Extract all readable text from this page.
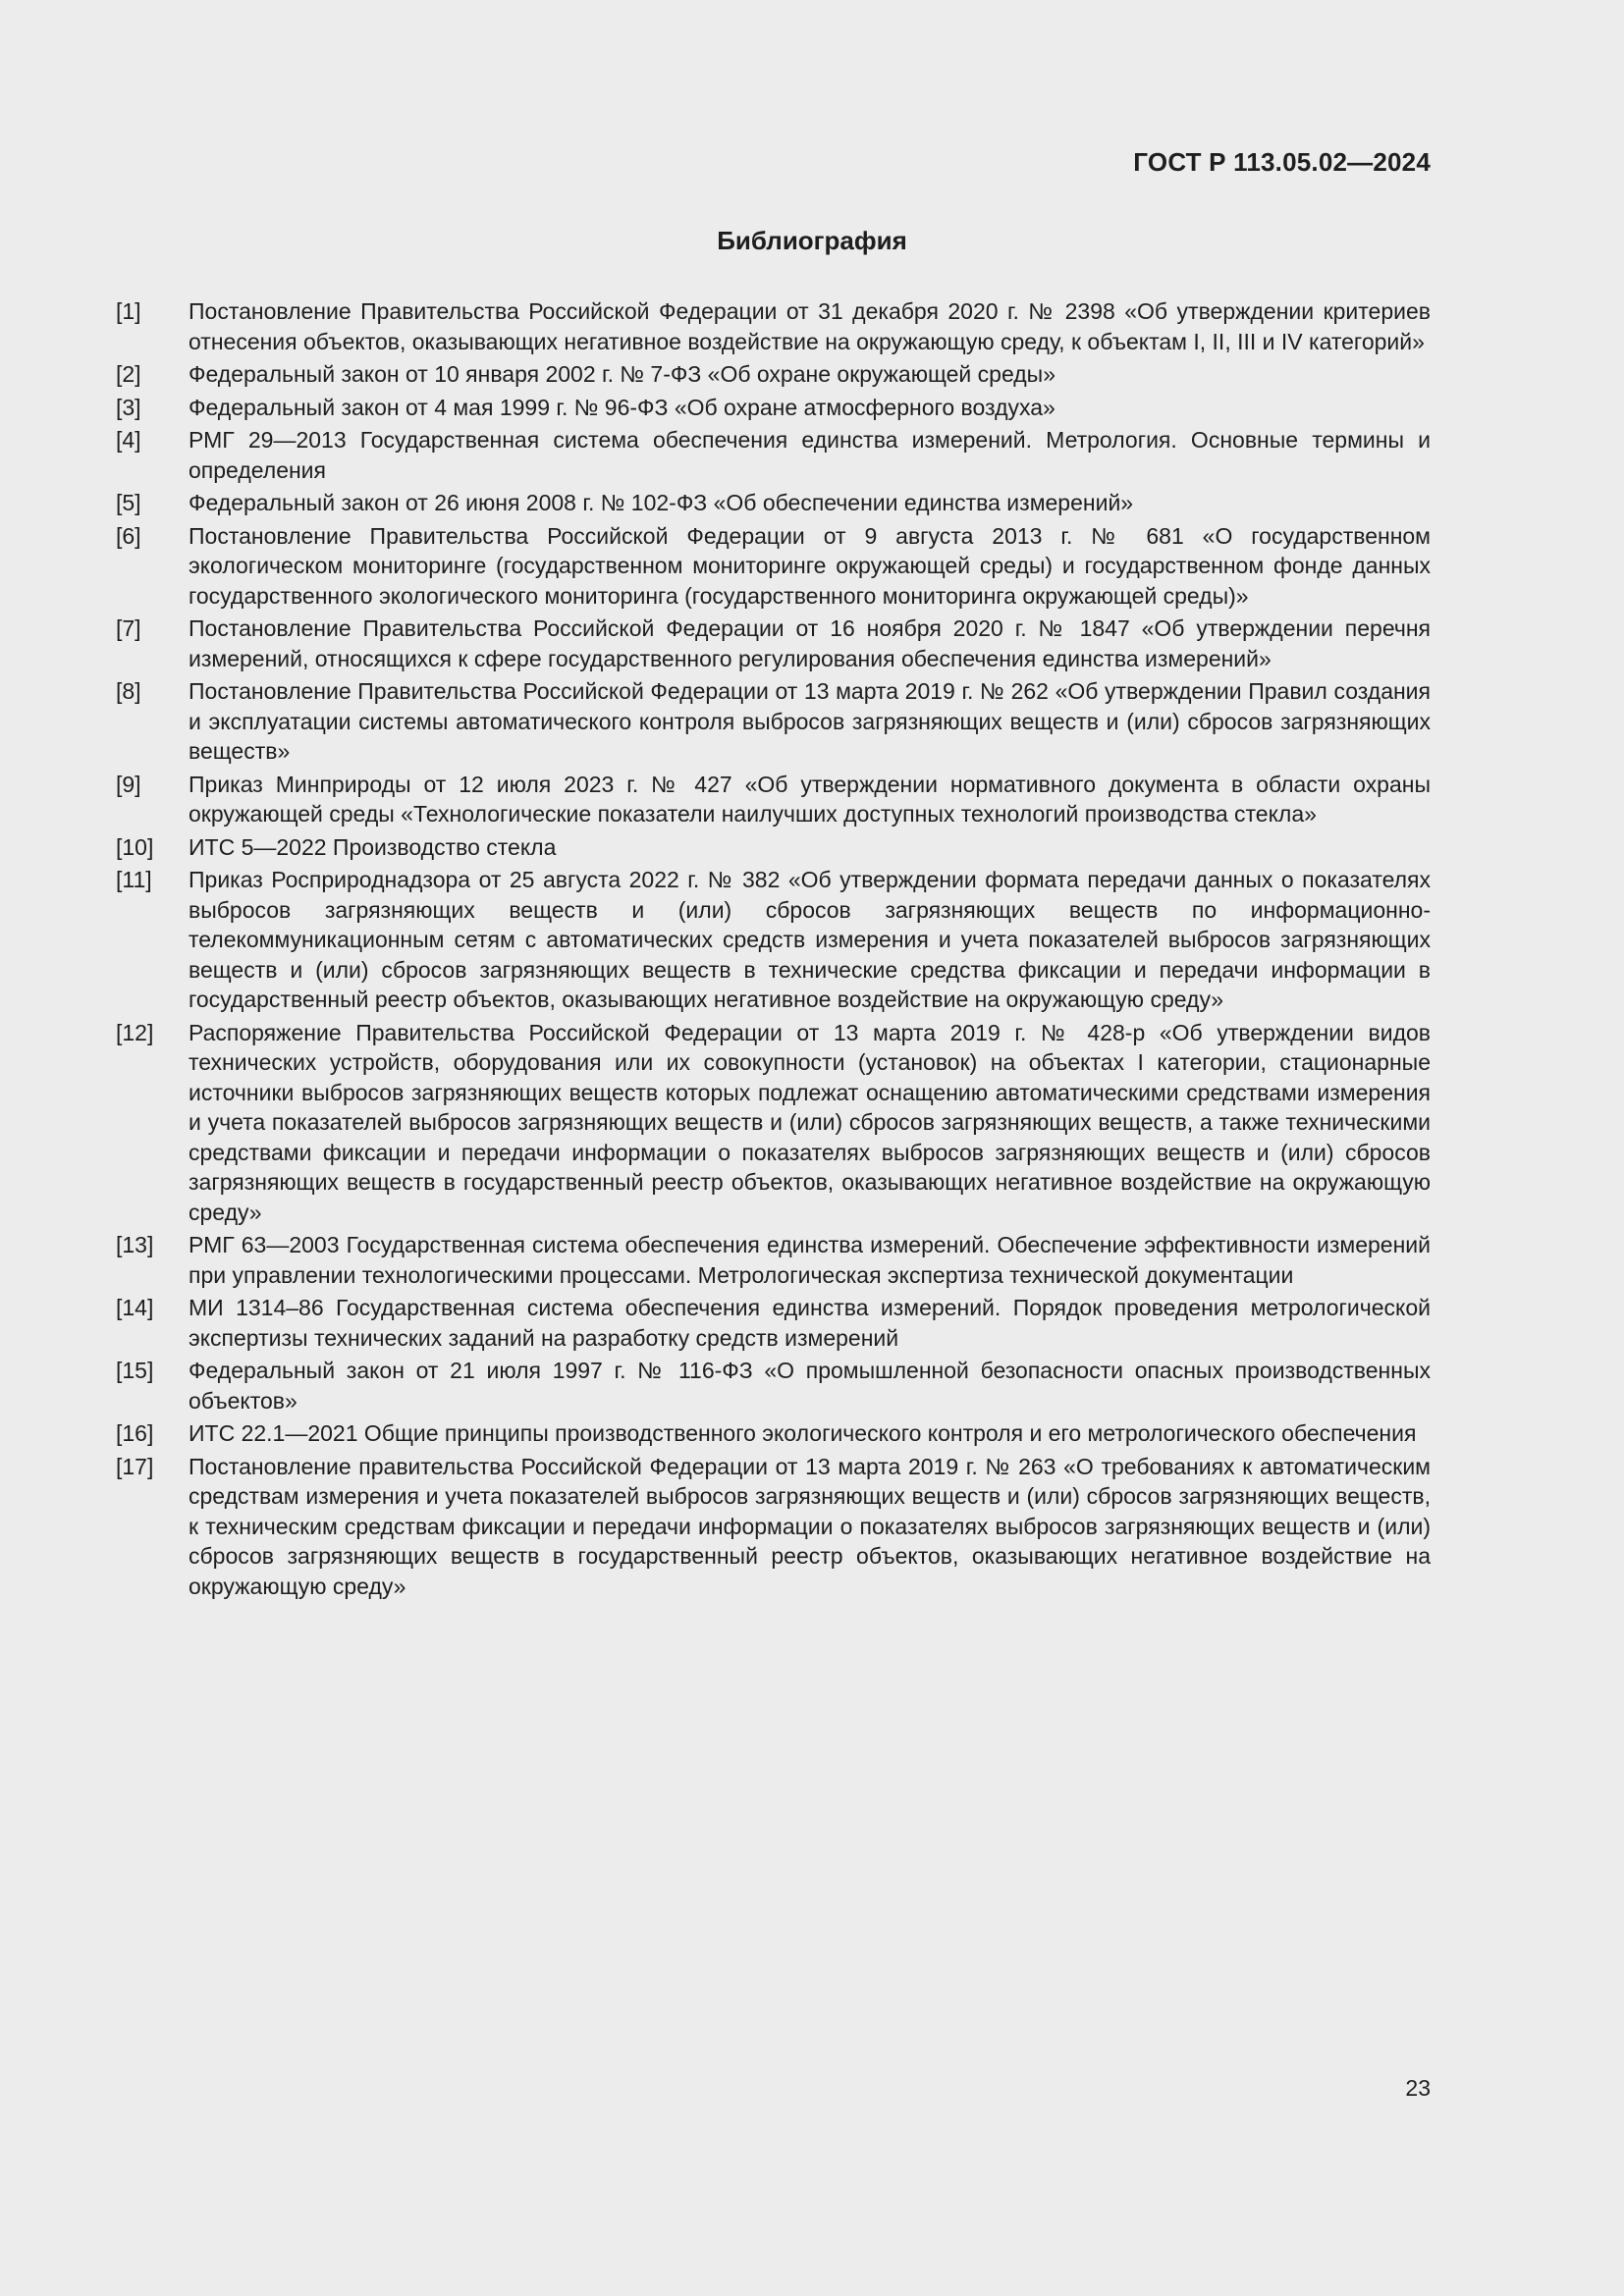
ГОСТ Р 113.05.02—2024
Библиография
[1] Постановление Правительства Российской Федерации от 31 декабря 2020 г. № 2398 «Об утверждении критериев отнесения объектов, оказывающих негативное воздействие на окружающую среду, к объектам I, II, III и IV категорий»
[2] Федеральный закон от 10 января 2002 г. № 7-ФЗ «Об охране окружающей среды»
[3] Федеральный закон от 4 мая 1999 г. № 96-ФЗ «Об охране атмосферного воздуха»
[4] РМГ 29—2013 Государственная система обеспечения единства измерений. Метрология. Основные термины и определения
[5] Федеральный закон от 26 июня 2008 г. № 102-ФЗ «Об обеспечении единства измерений»
[6] Постановление Правительства Российской Федерации от 9 августа 2013 г. № 681 «О государственном экологическом мониторинге (государственном мониторинге окружающей среды) и государственном фонде данных государственного экологического мониторинга (государственного мониторинга окружающей среды)»
[7] Постановление Правительства Российской Федерации от 16 ноября 2020 г. № 1847 «Об утверждении перечня измерений, относящихся к сфере государственного регулирования обеспечения единства измерений»
[8] Постановление Правительства Российской Федерации от 13 марта 2019 г. № 262 «Об утверждении Правил создания и эксплуатации системы автоматического контроля выбросов загрязняющих веществ и (или) сбросов загрязняющих веществ»
[9] Приказ Минприроды от 12 июля 2023 г. № 427 «Об утверждении нормативного документа в области охраны окружающей среды «Технологические показатели наилучших доступных технологий производства стекла»
[10] ИТС 5—2022 Производство стекла
[11] Приказ Росприроднадзора от 25 августа 2022 г. № 382 «Об утверждении формата передачи данных о показателях выбросов загрязняющих веществ и (или) сбросов загрязняющих веществ по информационно-телекоммуникационным сетям с автоматических средств измерения и учета показателей выбросов загрязняющих веществ и (или) сбросов загрязняющих веществ в технические средства фиксации и передачи информации в государственный реестр объектов, оказывающих негативное воздействие на окружающую среду»
[12] Распоряжение Правительства Российской Федерации от 13 марта 2019 г. № 428-р «Об утверждении видов технических устройств, оборудования или их совокупности (установок) на объектах I категории, стационарные источники выбросов загрязняющих веществ которых подлежат оснащению автоматическими средствами измерения и учета показателей выбросов загрязняющих веществ и (или) сбросов загрязняющих веществ, а также техническими средствами фиксации и передачи информации о показателях выбросов загрязняющих веществ и (или) сбросов загрязняющих веществ в государственный реестр объектов, оказывающих негативное воздействие на окружающую среду»
[13] РМГ 63—2003 Государственная система обеспечения единства измерений. Обеспечение эффективности измерений при управлении технологическими процессами. Метрологическая экспертиза технической документации
[14] МИ 1314–86 Государственная система обеспечения единства измерений. Порядок проведения метрологической экспертизы технических заданий на разработку средств измерений
[15] Федеральный закон от 21 июля 1997 г. № 116-ФЗ «О промышленной безопасности опасных производственных объектов»
[16] ИТС 22.1—2021 Общие принципы производственного экологического контроля и его метрологического обеспечения
[17] Постановление правительства Российской Федерации от 13 марта 2019 г. № 263 «О требованиях к автоматическим средствам измерения и учета показателей выбросов загрязняющих веществ и (или) сбросов загрязняющих веществ, к техническим средствам фиксации и передачи информации о показателях выбросов загрязняющих веществ и (или) сбросов загрязняющих веществ в государственный реестр объектов, оказывающих негативное воздействие на окружающую среду»
23
